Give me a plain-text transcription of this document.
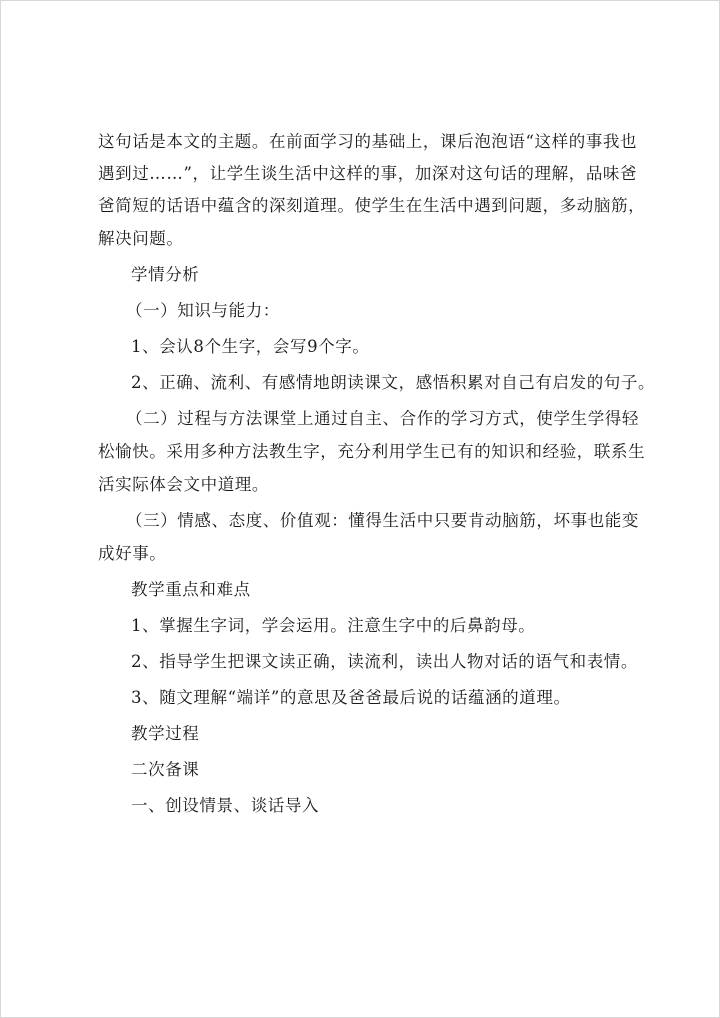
这句话是本文的主题。在前面学习的基础上，课后泡泡语“这样的事我也

遇到过……”，让学生谈生活中这样的事，加深对这句话的理解，品味爸

爸简短的话语中蕴含的深刻道理。使学生在生活中遇到问题，多动脑筋，

解决问题。

学情分析

（一）知识与能力：

1、会认8个生字，会写9个字。

2、正确、流利、有感情地朗读课文，感悟积累对自己有启发的句子。

（二）过程与方法课堂上通过自主、合作的学习方式，使学生学得轻

松愉快。采用多种方法教生字，充分利用学生已有的知识和经验，联系生

活实际体会文中道理。

（三）情感、态度、价值观：懂得生活中只要肯动脑筋，坏事也能变

成好事。

教学重点和难点

1、掌握生字词，学会运用。注意生字中的后鼻韵母。

2、指导学生把课文读正确，读流利，读出人物对话的语气和表情。

3、随文理解“端详”的意思及爸爸最后说的话蕴涵的道理。

教学过程

二次备课

一、创设情景、谈话导入
